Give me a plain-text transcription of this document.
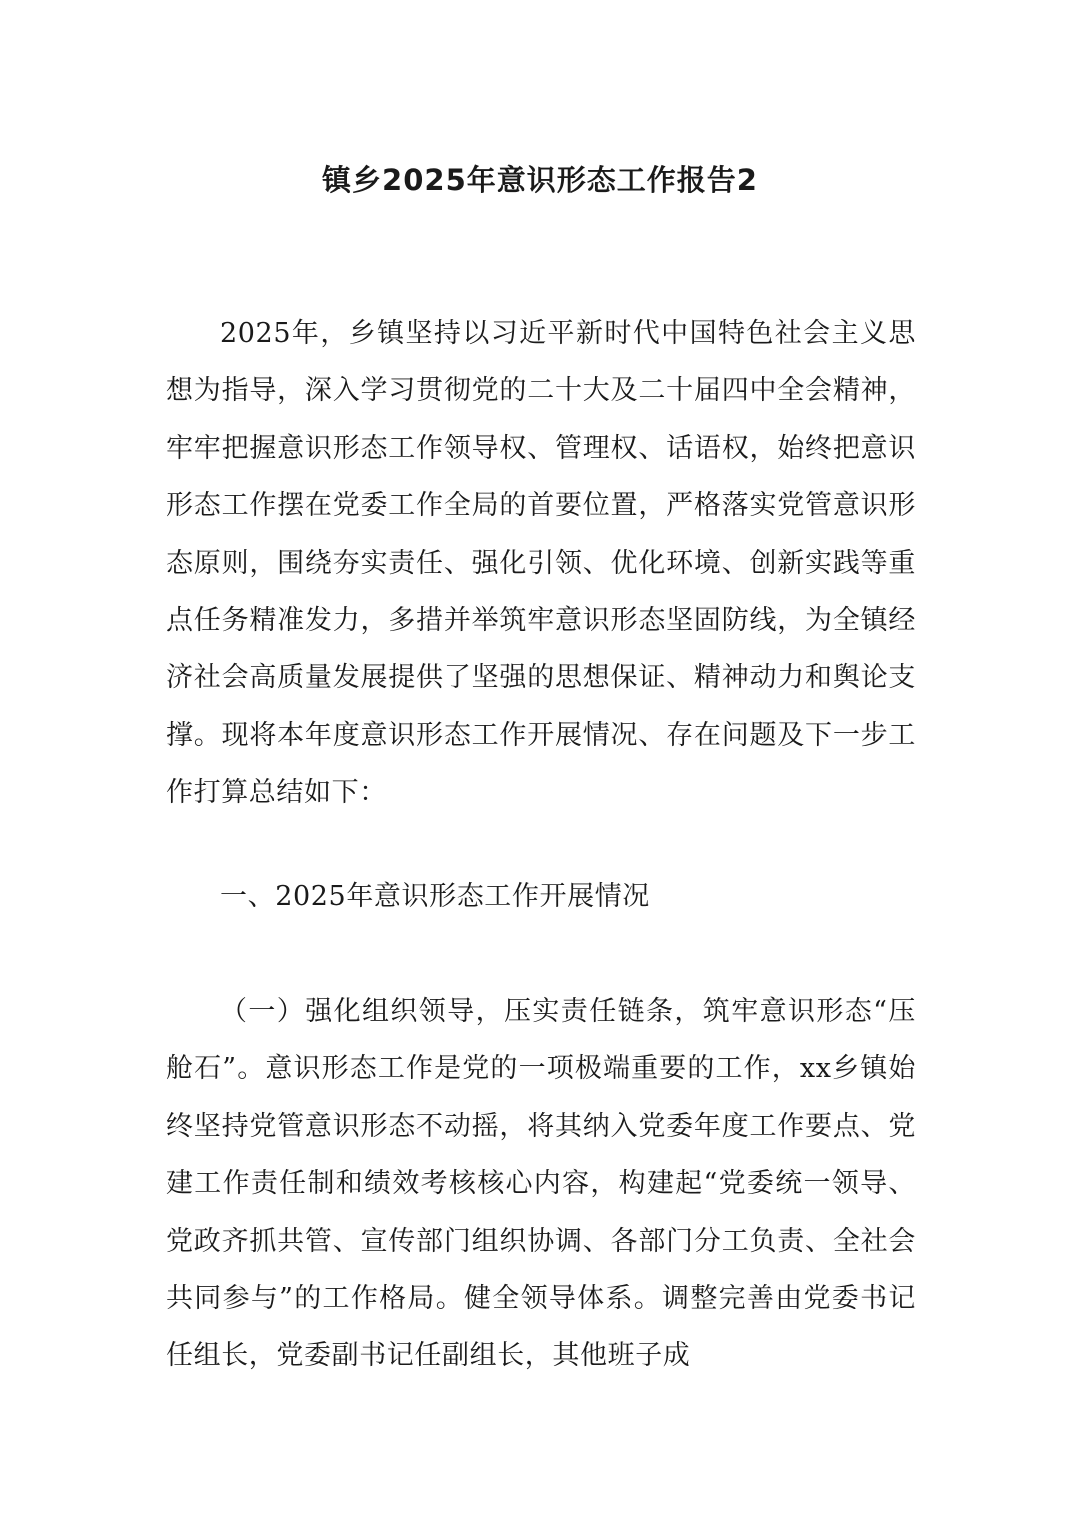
镇乡2025年意识形态工作报告2

2025年，乡镇坚持以习近平新时代中国特色社会主义思想为指导，深入学习贯彻党的二十大及二十届四中全会精神，牢牢把握意识形态工作领导权、管理权、话语权，始终把意识形态工作摆在党委工作全局的首要位置，严格落实党管意识形态原则，围绕夯实责任、强化引领、优化环境、创新实践等重点任务精准发力，多措并举筑牢意识形态坚固防线，为全镇经济社会高质量发展提供了坚强的思想保证、精神动力和舆论支撑。现将本年度意识形态工作开展情况、存在问题及下一步工作打算总结如下：

一、2025年意识形态工作开展情况

（一）强化组织领导，压实责任链条，筑牢意识形态“压舱石”。意识形态工作是党的一项极端重要的工作，xx乡镇始终坚持党管意识形态不动摇，将其纳入党委年度工作要点、党建工作责任制和绩效考核核心内容，构建起“党委统一领导、党政齐抓共管、宣传部门组织协调、各部门分工负责、全社会共同参与”的工作格局。健全领导体系。调整完善由党委书记任组长，党委副书记任副组长，其他班子成
